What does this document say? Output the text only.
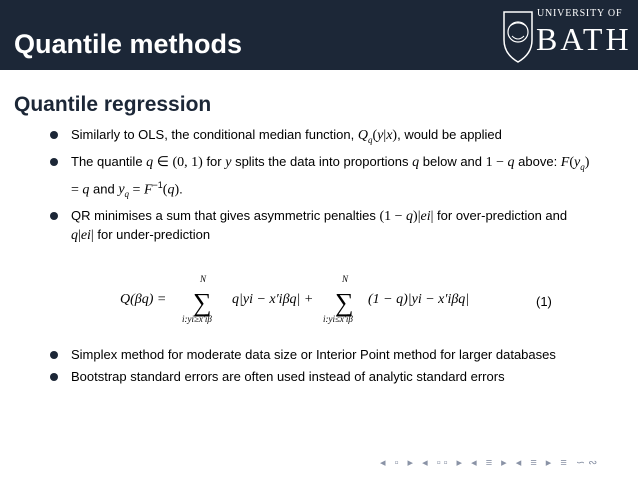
Quantile methods
UNIVERSITY OF
BATH
Quantile regression
Similarly to OLS, the conditional median function, $Q_q(y|x)$, would be applied
The quantile q ∈ (0, 1) for y splits the data into proportions q below and 1 − q above: $F(y_q) = q$ and $y_q = F^{-1}(q)$.
QR minimises a sum that gives asymmetric penalties (1 − q)|ei| for over-prediction and q|ei| for under-prediction
Q(βq) =
N
∑
i:yi≥x′iβ
q|yi − x′iβq| +
N
∑
i:yi≤x′iβ
(1 − q)|yi − x′iβq|	(1)
Simplex method for moderate data size or Interior Point method for larger databases
Bootstrap standard errors are often used instead of analytic standard errors
◂ ▫ ▸ ◂ ▫▫ ▸ ◂ ≡ ▸ ◂ ≡ ▸ ≡ ∽∾
